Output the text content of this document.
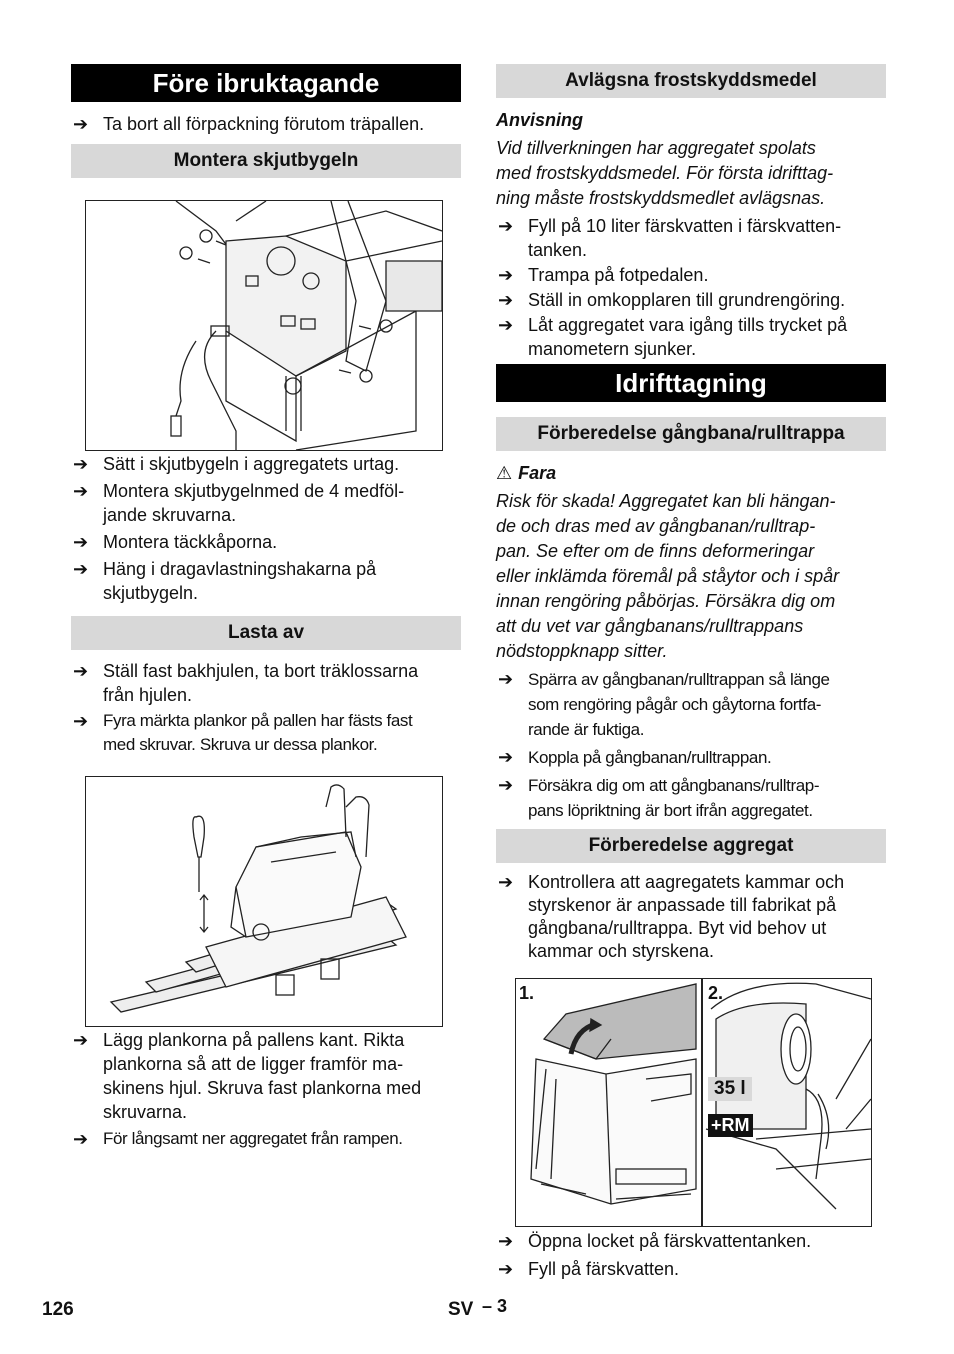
Före ibruktagande
➔ Ta bort all förpackning förutom träpallen.
Montera skjutbygeln
➔ Sätt i skjutbygeln i aggregatets urtag.
➔ Montera skjutbygelnmed de 4 medföl-
jande skruvarna.
➔ Montera täckkåporna.
➔ Häng i dragavlastningshakarna på
skjutbygeln.
Lasta av
➔ Ställ fast bakhjulen, ta bort träklossarna
från hjulen.
➔ Fyra märkta plankor på pallen har fästs fast
med skruvar. Skruva ur dessa plankor.
➔ Lägg plankorna på pallens kant. Rikta
plankorna så att de ligger framför ma-
skinens hjul. Skruva fast plankorna med
skruvarna.
➔ För långsamt ner aggregatet från rampen.
Avlägsna frostskyddsmedel
Anvisning
Vid tillverkningen har aggregatet spolats
med frostskyddsmedel. För första idrifttag-
ning måste frostskyddsmedlet avlägsnas.
➔ Fyll på 10 liter färskvatten i färskvatten-
tanken.
➔ Trampa på fotpedalen.
➔ Ställ in omkopplaren till grundrengöring.
➔ Låt aggregatet vara igång tills trycket på
manometern sjunker.
Idrifttagning
Förberedelse gångbana/rulltrappa
⚠ Fara
Risk för skada! Aggregatet kan bli hängan-
de och dras med av gångbanan/rulltrap-
pan. Se efter om de finns deformeringar
eller inklämda föremål på ståytor och i spår
innan rengöring påbörjas. Försäkra dig om
att du vet var gångbanans/rulltrappans
nödstoppknapp sitter.
➔ Spärra av gångbanan/rulltrappan så länge
som rengöring pågår och gåytorna fortfa-
rande är fuktiga.
➔ Koppla på gångbanan/rulltrappan.
➔ Försäkra dig om att gångbanans/rulltrap-
pans löpriktning är bort ifrån aggregatet.
Förberedelse aggregat
➔ Kontrollera att aagregatets kammar och
styrskenor är anpassade till fabrikat på
gångbana/rulltrappa. Byt vid behov ut
kammar och styrskena.
1.	2.
35 l
+RM
➔ Öppna locket på färskvattentanken.
➔ Fyll på färskvatten.
126	SV – 3
